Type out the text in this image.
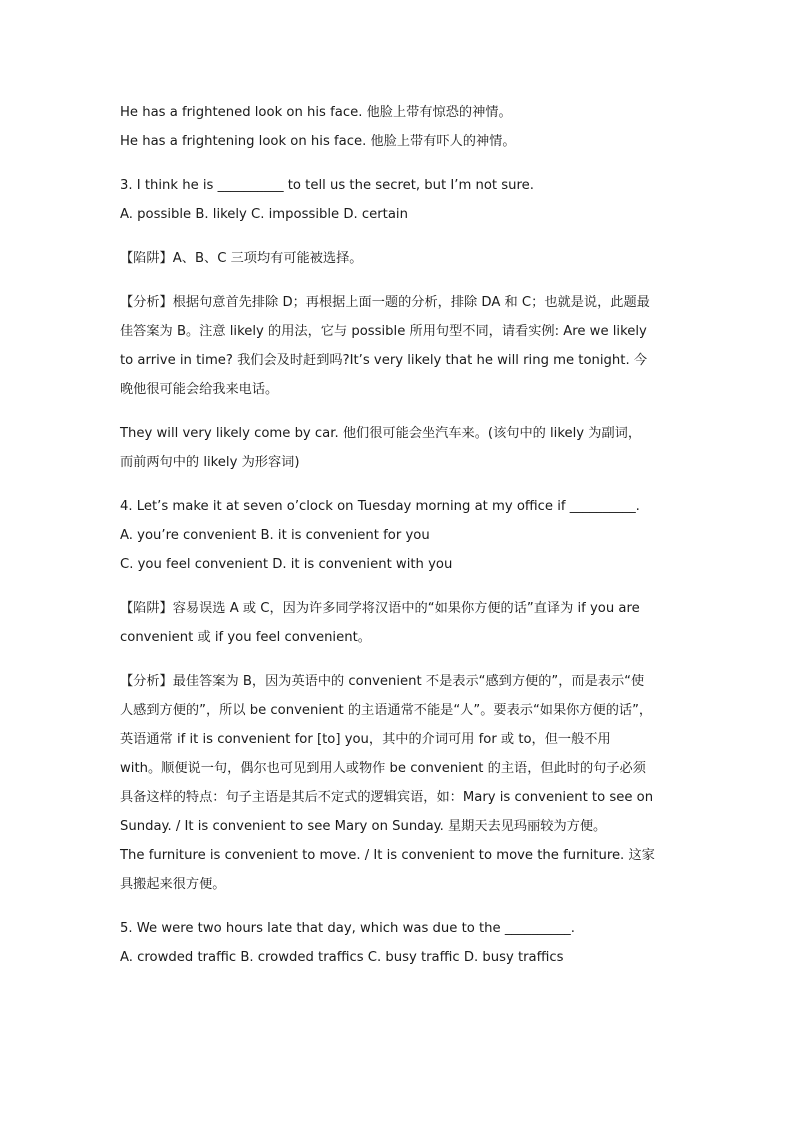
He has a frightened look on his face. 他脸上带有惊恐的神情。
He has a frightening look on his face. 他脸上带有吓人的神情。
3. I think he is __________ to tell us the secret, but I’m not sure.
A. possible B. likely C. impossible D. certain
【陷阱】A、B、C 三项均有可能被选择。
【分析】根据句意首先排除 D；再根据上面一题的分析，排除 DA 和 C；也就是说，此题最
佳答案为 B。注意 likely 的用法，它与 possible 所用句型不同，请看实例: Are we likely
to arrive in time? 我们会及时赶到吗?It’s very likely that he will ring me tonight. 今
晚他很可能会给我来电话。
They will very likely come by car. 他们很可能会坐汽车来。(该句中的 likely 为副词，
而前两句中的 likely 为形容词)
4. Let’s make it at seven o’clock on Tuesday morning at my office if __________.
A. you’re convenient B. it is convenient for you
C. you feel convenient D. it is convenient with you
【陷阱】容易误选 A 或 C，因为许多同学将汉语中的“如果你方便的话”直译为 if you are
convenient 或 if you feel convenient。
【分析】最佳答案为 B，因为英语中的 convenient 不是表示“感到方便的”，而是表示“使
人感到方便的”，所以 be convenient 的主语通常不能是“人”。要表示“如果你方便的话”，
英语通常 if it is convenient for [to] you，其中的介词可用 for 或 to，但一般不用
with。顺便说一句，偶尔也可见到用人或物作 be convenient 的主语，但此时的句子必须
具备这样的特点：句子主语是其后不定式的逻辑宾语，如：Mary is convenient to see on
Sunday. / It is convenient to see Mary on Sunday. 星期天去见玛丽较为方便。
The furniture is convenient to move. / It is convenient to move the furniture. 这家
具搬起来很方便。
5. We were two hours late that day, which was due to the __________.
A. crowded traffic B. crowded traffics C. busy traffic D. busy traffics
